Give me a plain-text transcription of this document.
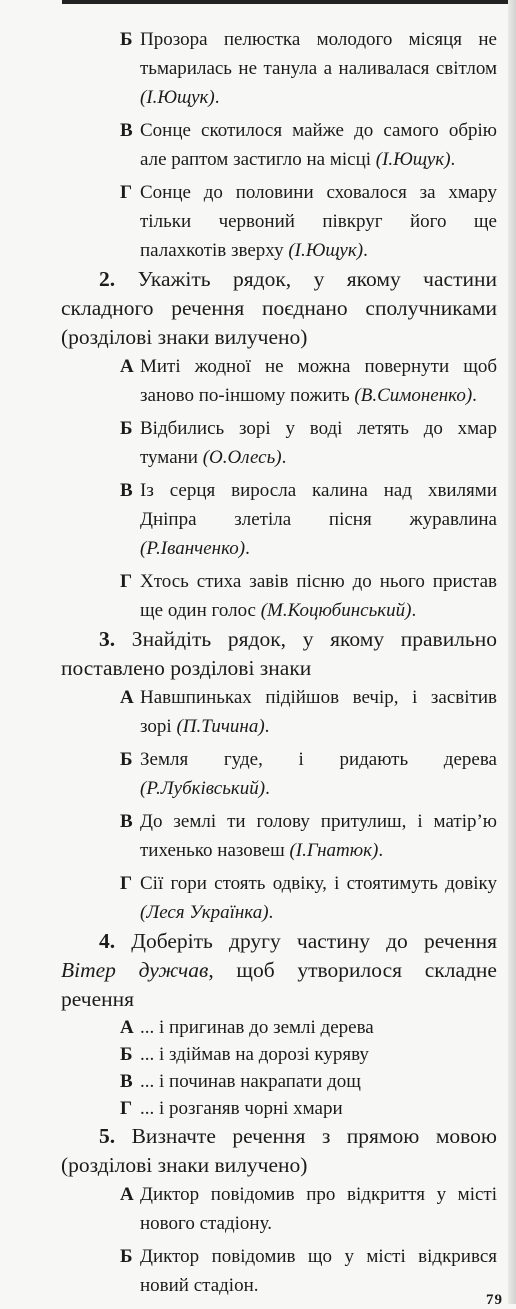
Б Прозора пелюстка молодого місяця не тьмарилась не танула а наливалася світлом (І.Ющук).
В Сонце скотилося майже до самого обрію але раптом застигло на місці (І.Ющук).
Г Сонце до половини сховалося за хмару тільки червоний півкруг його ще палахкотів зверху (І.Ющук).
2. Укажіть рядок, у якому частини складного речення поєднано сполучниками (розділові знаки вилучено)
А Миті жодної не можна повернути щоб заново по-іншому пожить (В.Симоненко).
Б Відбились зорі у воді летять до хмар тумани (О.Олесь).
В Із серця виросла калина над хвилями Дніпра злетіла пісня журавлина (Р.Іванченко).
Г Хтось стиха завів пісню до нього пристав ще один голос (М.Коцюбинський).
3. Знайдіть рядок, у якому правильно поставлено розділові знаки
А Навшпиньках підійшов вечір, і засвітив зорі (П.Тичина).
Б Земля гуде, і ридають дерева (Р.Лубківський).
В До землі ти голову притулиш, і матір’ю тихенько назовеш (І.Гнатюк).
Г Сії гори стоять одвіку, і стоятимуть довіку (Леся Українка).
4. Доберіть другу частину до речення Вітер дужчав, щоб утворилося складне речення
А ... і пригинав до землі дерева
Б ... і здіймав на дорозі куряву
В ... і починав накрапати дощ
Г ... і розганяв чорні хмари
5. Визначте речення з прямою мовою (розділові знаки вилучено)
А Диктор повідомив про відкриття у місті нового стадіону.
Б Диктор повідомив що у місті відкрився новий стадіон.
79
